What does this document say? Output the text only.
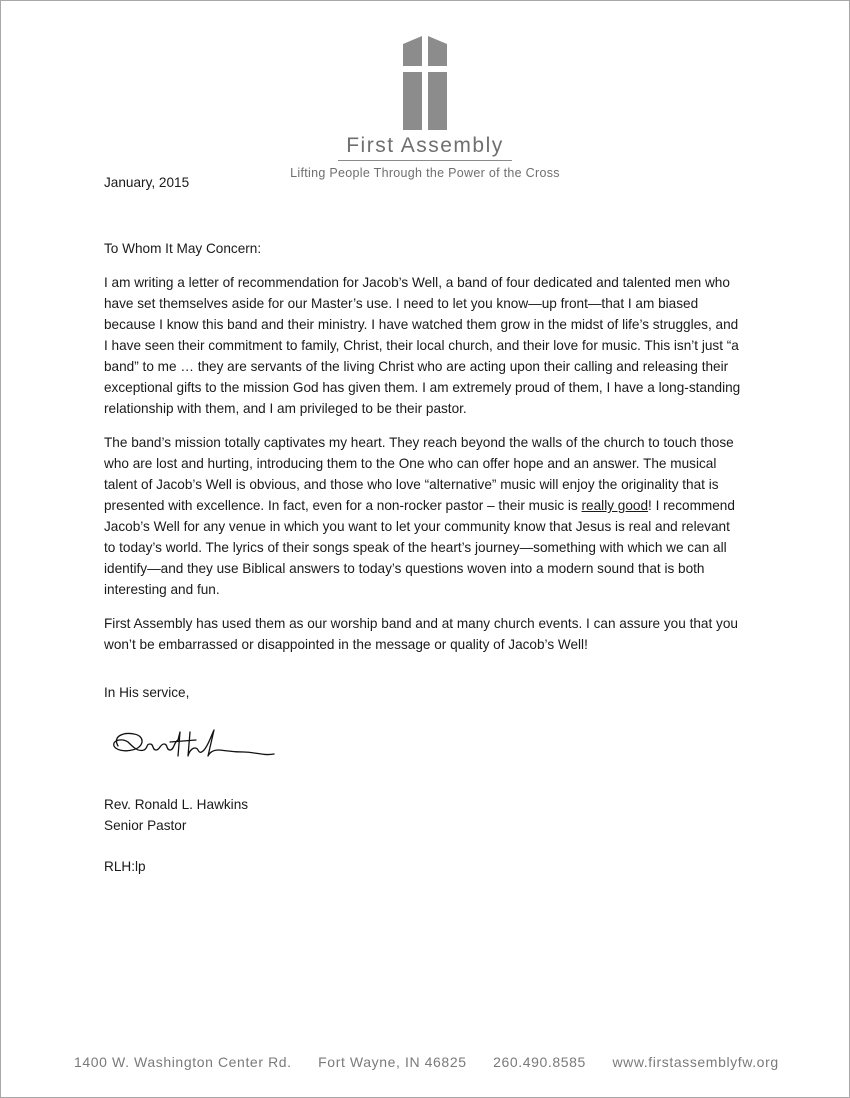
First Assembly
Lifting People Through the Power of the Cross
January, 2015
To Whom It May Concern:

I am writing a letter of recommendation for Jacob’s Well, a band of four dedicated and talented men who have set themselves aside for our Master’s use. I need to let you know—up front—that I am biased because I know this band and their ministry. I have watched them grow in the midst of life’s struggles, and I have seen their commitment to family, Christ, their local church, and their love for music. This isn’t just “a band” to me … they are servants of the living Christ who are acting upon their calling and releasing their exceptional gifts to the mission God has given them. I am extremely proud of them, I have a long-standing relationship with them, and I am privileged to be their pastor.

The band’s mission totally captivates my heart. They reach beyond the walls of the church to touch those who are lost and hurting, introducing them to the One who can offer hope and an answer. The musical talent of Jacob’s Well is obvious, and those who love “alternative” music will enjoy the originality that is presented with excellence. In fact, even for a non-rocker pastor – their music is really good! I recommend Jacob’s Well for any venue in which you want to let your community know that Jesus is real and relevant to today’s world. The lyrics of their songs speak of the heart’s journey—something with which we can all identify—and they use Biblical answers to today’s questions woven into a modern sound that is both interesting and fun.

First Assembly has used them as our worship band and at many church events. I can assure you that you won’t be embarrassed or disappointed in the message or quality of Jacob’s Well!

In His service,
Rev. Ronald L. Hawkins
Senior Pastor
RLH:lp
1400 W. Washington Center Rd. Fort Wayne, IN 46825 260.490.8585 www.firstassemblyfw.org
